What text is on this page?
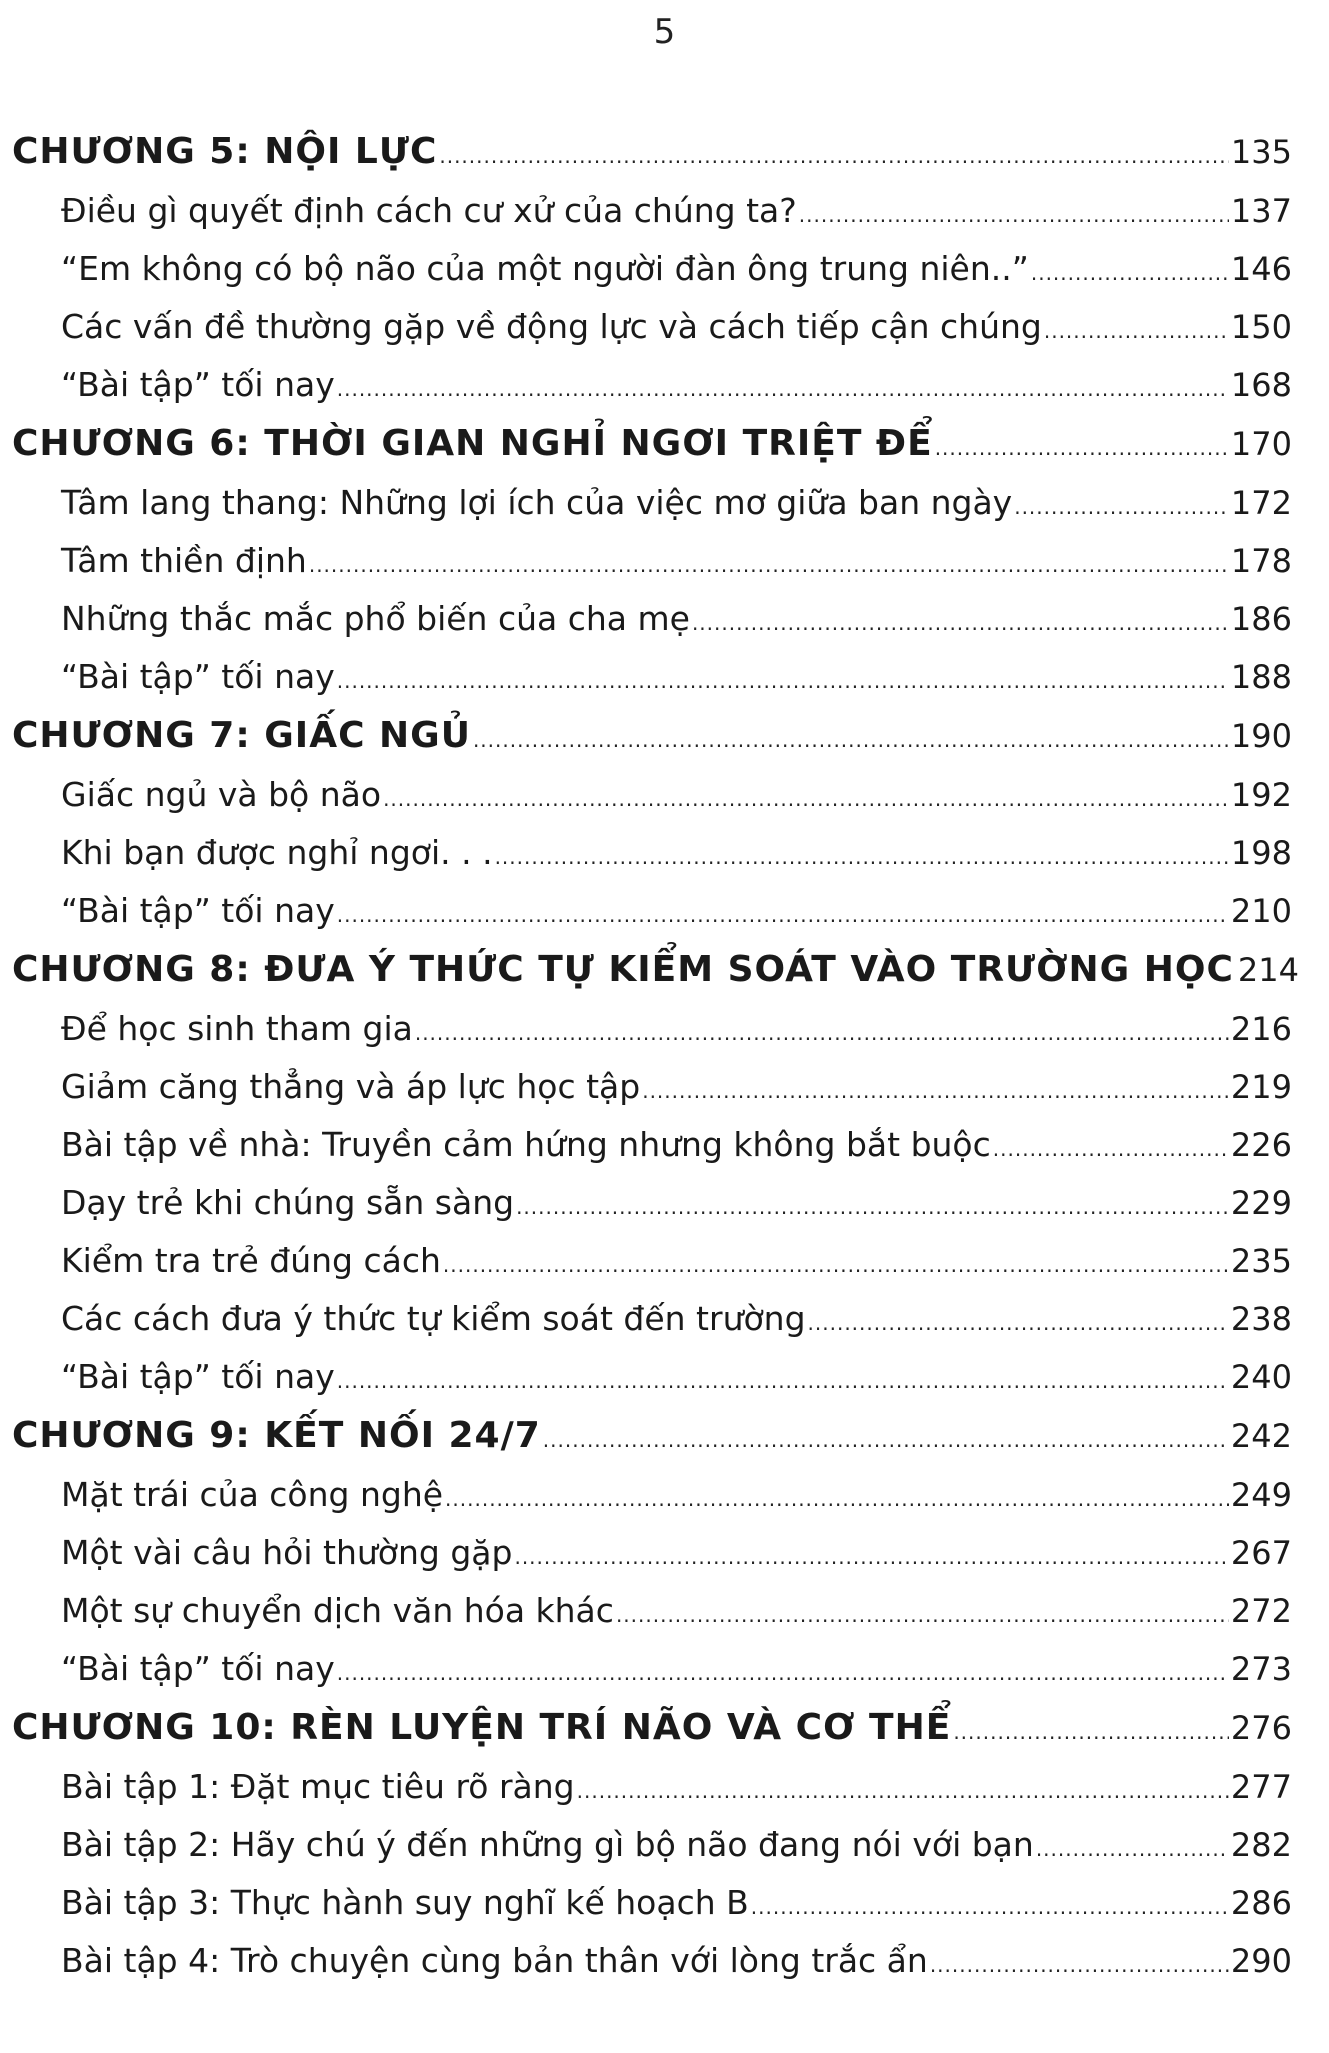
5
CHƯƠNG 5: NỘI LỰC .....	135
Điều gì quyết định cách cư xử của chúng ta? .....	137
“Em không có bộ não của một người đàn ông trung niên..” .....	146
Các vấn đề thường gặp về động lực và cách tiếp cận chúng .....	150
“Bài tập” tối nay .....	168
CHƯƠNG 6: THỜI GIAN NGHỈ NGƠI TRIỆT ĐỂ .....	170
Tâm lang thang: Những lợi ích của việc mơ giữa ban ngày .....	172
Tâm thiền định .....	178
Những thắc mắc phổ biến của cha mẹ .....	186
“Bài tập” tối nay .....	188
CHƯƠNG 7: GIẤC NGỦ .....	190
Giấc ngủ và bộ não .....	192
Khi bạn được nghỉ ngơi. . . .....	198
“Bài tập” tối nay .....	210
CHƯƠNG 8: ĐƯA Ý THỨC TỰ KIỂM SOÁT VÀO TRƯỜNG HỌC 214
Để học sinh tham gia .....	216
Giảm căng thẳng và áp lực học tập .....	219
Bài tập về nhà: Truyền cảm hứng nhưng không bắt buộc .....	226
Dạy trẻ khi chúng sẵn sàng .....	229
Kiểm tra trẻ đúng cách .....	235
Các cách đưa ý thức tự kiểm soát đến trường .....	238
“Bài tập” tối nay .....	240
CHƯƠNG 9: KẾT NỐI 24/7 .....	242
Mặt trái của công nghệ .....	249
Một vài câu hỏi thường gặp .....	267
Một sự chuyển dịch văn hóa khác .....	272
“Bài tập” tối nay .....	273
CHƯƠNG 10: RÈN LUYỆN TRÍ NÃO VÀ CƠ THỂ .....	276
Bài tập 1: Đặt mục tiêu rõ ràng .....	277
Bài tập 2: Hãy chú ý đến những gì bộ não đang nói với bạn .....	282
Bài tập 3: Thực hành suy nghĩ kế hoạch B .....	286
Bài tập 4: Trò chuyện cùng bản thân với lòng trắc ẩn .....	290
